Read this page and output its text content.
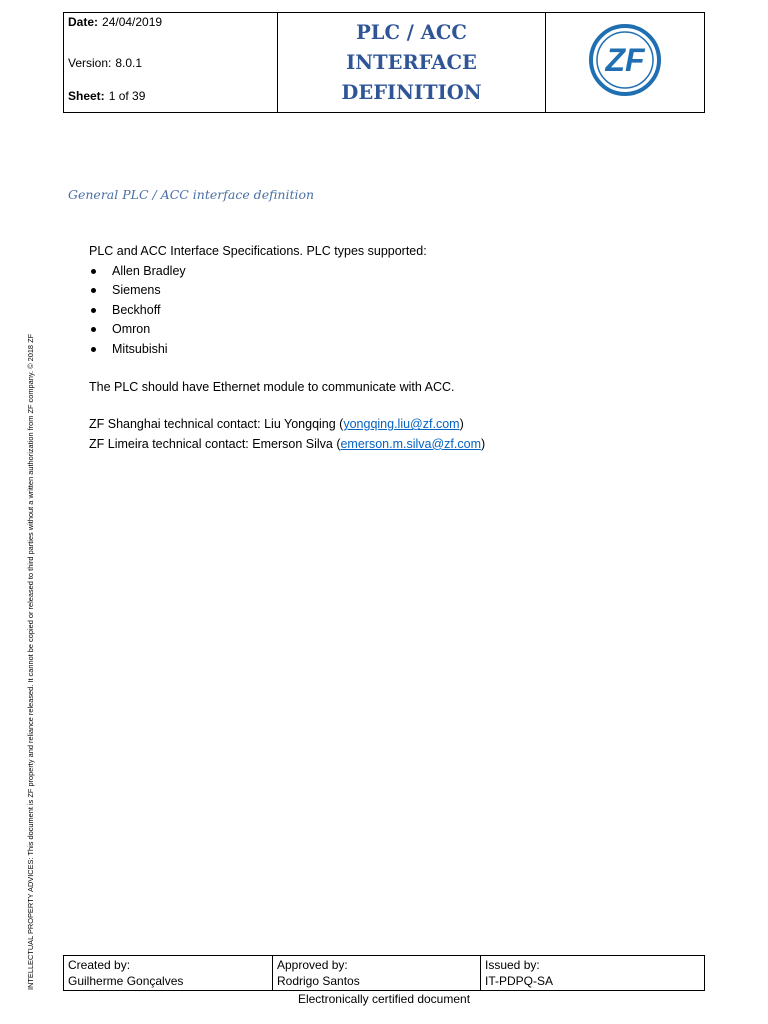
INTELLECTUAL PROPERTY ADVICES: This document is ZF property and reliance released. It cannot be copied or released to third parties without a written authorization from ZF company. © 2018 ZF
Date: 24/04/2019
Version: 8.0.1
Sheet: 1 of 39

PLC / ACC
INTERFACE DEFINITION

ZF
General PLC / ACC interface definition

PLC and ACC Interface Specifications. PLC types supported:

Allen Bradley
Siemens
Beckhoff
Omron
Mitsubishi

The PLC should have Ethernet module to communicate with ACC.

ZF Shanghai technical contact: Liu Yongqing (yongqing.liu@zf.com)

ZF Limeira technical contact: Emerson Silva (emerson.m.silva@zf.com)

Created by:
Guilherme Gonçalves

Approved by:
Rodrigo Santos

Issued by:
IT-PDPQ-SA
Electronically certified document
